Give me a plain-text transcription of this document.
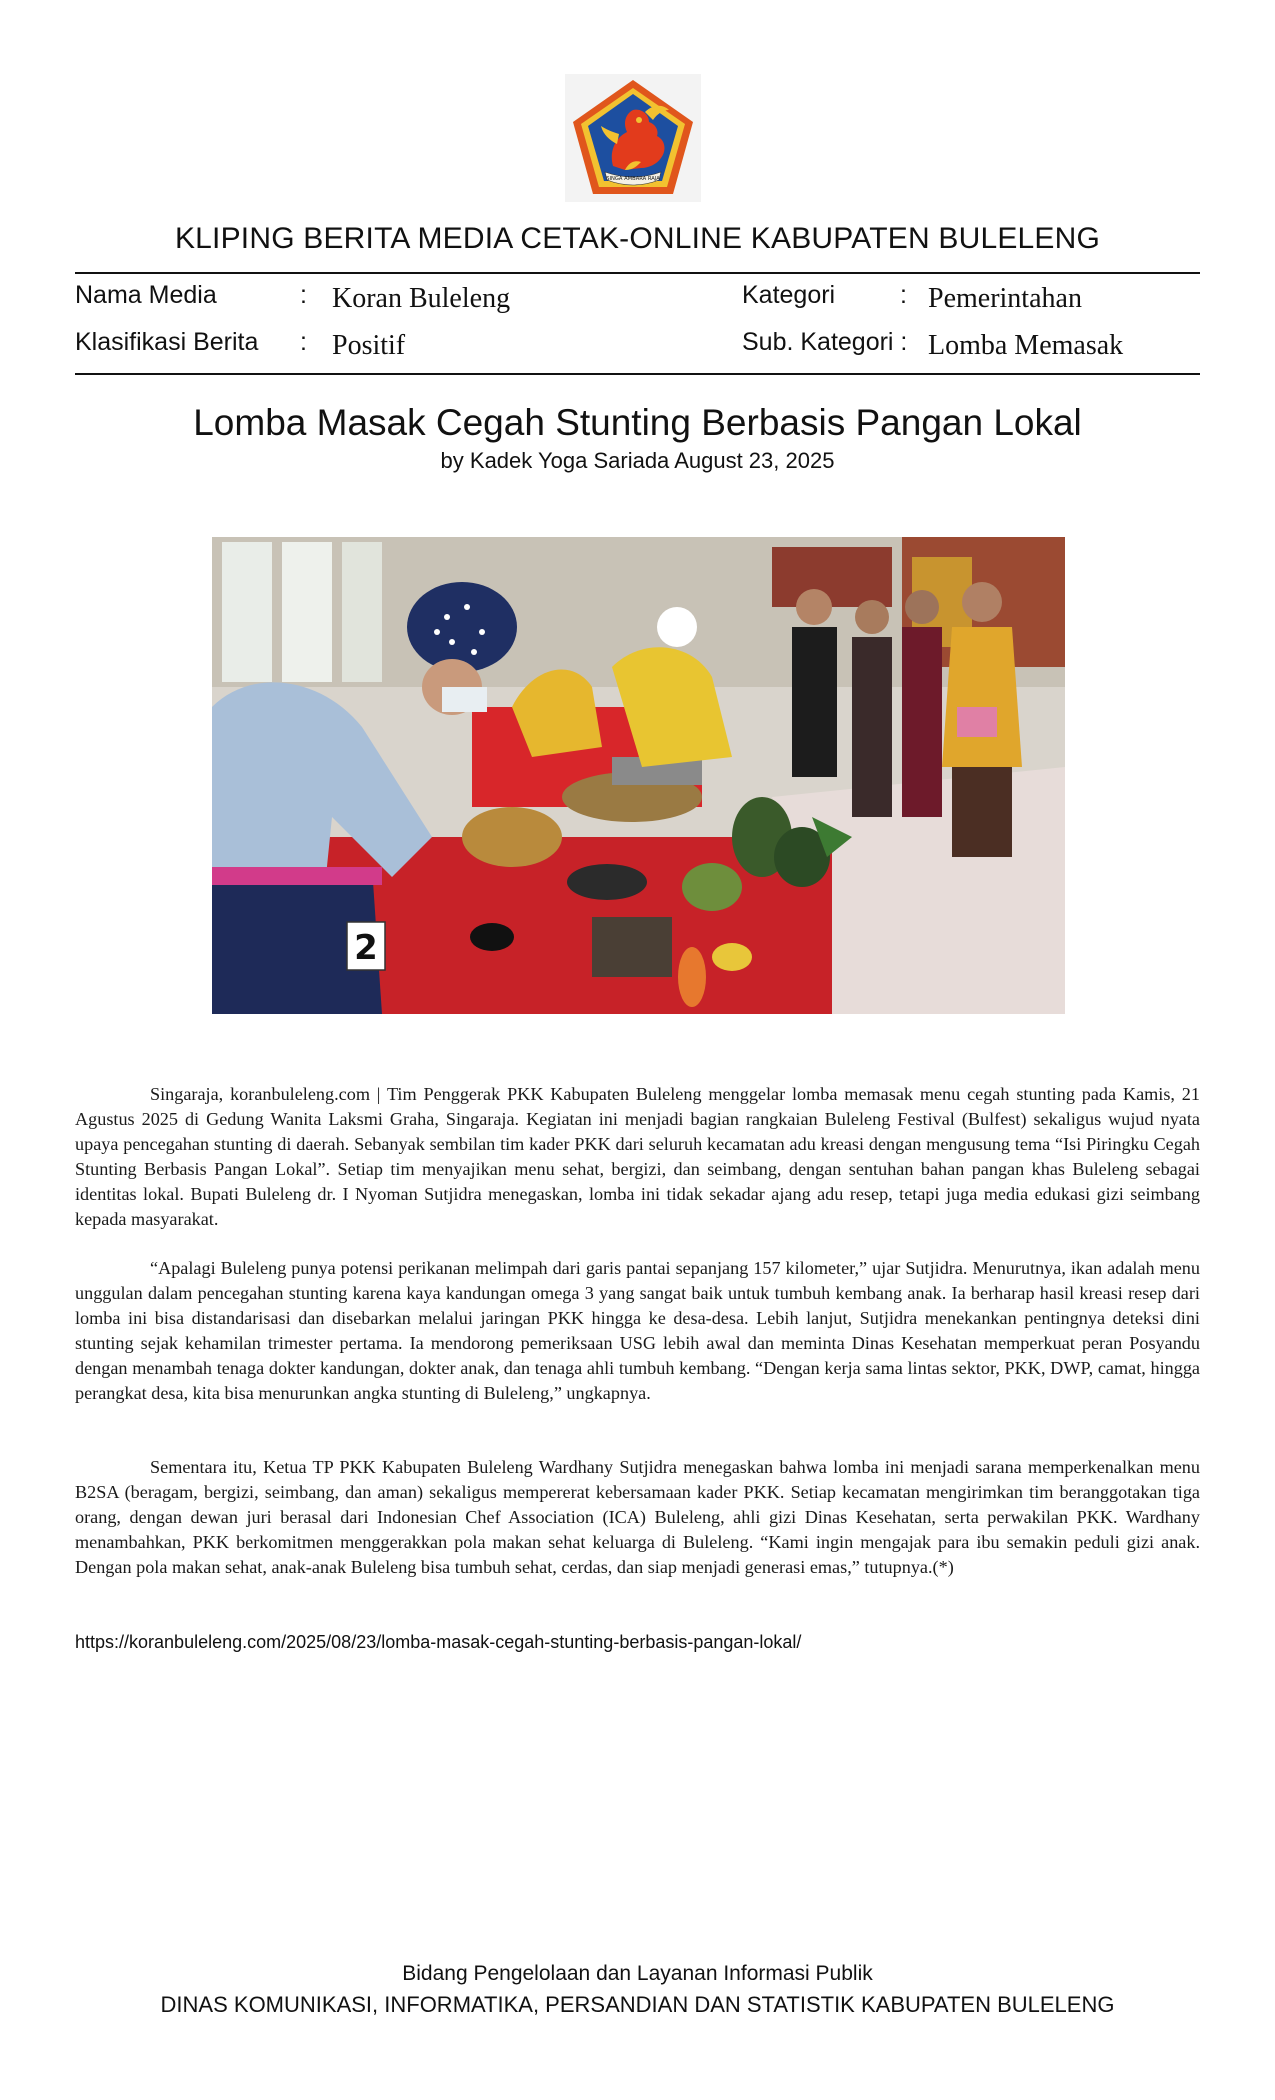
SINGA AMBARA RAJA
KLIPING BERITA MEDIA CETAK-ONLINE KABUPATEN BULELENG
Nama Media	: Koran Buleleng	Kategori	: Pemerintahan
Klasifikasi Berita : Positif	Sub. Kategori : Lomba Memasak
Lomba Masak Cegah Stunting Berbasis Pangan Lokal
by Kadek Yoga Sariada August 23, 2025
2

Singaraja, koranbuleleng.com | Tim Penggerak PKK Kabupaten Buleleng menggelar lomba memasak menu cegah stunting pada Kamis, 21 Agustus 2025 di Gedung Wanita Laksmi Graha, Singaraja. Kegiatan ini menjadi bagian rangkaian Buleleng Festival (Bulfest) sekaligus wujud nyata upaya pencegahan stunting di daerah. Sebanyak sembilan tim kader PKK dari seluruh kecamatan adu kreasi dengan mengusung tema “Isi Piringku Cegah Stunting Berbasis Pangan Lokal”. Setiap tim menyajikan menu sehat, bergizi, dan seimbang, dengan sentuhan bahan pangan khas Buleleng sebagai identitas lokal. Bupati Buleleng dr. I Nyoman Sutjidra menegaskan, lomba ini tidak sekadar ajang adu resep, tetapi juga media edukasi gizi seimbang kepada masyarakat.

“Apalagi Buleleng punya potensi perikanan melimpah dari garis pantai sepanjang 157 kilometer,” ujar Sutjidra. Menurutnya, ikan adalah menu unggulan dalam pencegahan stunting karena kaya kandungan omega 3 yang sangat baik untuk tumbuh kembang anak. Ia berharap hasil kreasi resep dari lomba ini bisa distandarisasi dan disebarkan melalui jaringan PKK hingga ke desa-desa. Lebih lanjut, Sutjidra menekankan pentingnya deteksi dini stunting sejak kehamilan trimester pertama. Ia mendorong pemeriksaan USG lebih awal dan meminta Dinas Kesehatan memperkuat peran Posyandu dengan menambah tenaga dokter kandungan, dokter anak, dan tenaga ahli tumbuh kembang. “Dengan kerja sama lintas sektor, PKK, DWP, camat, hingga perangkat desa, kita bisa menurunkan angka stunting di Buleleng,” ungkapnya.

Sementara itu, Ketua TP PKK Kabupaten Buleleng Wardhany Sutjidra menegaskan bahwa lomba ini menjadi sarana memperkenalkan menu B2SA (beragam, bergizi, seimbang, dan aman) sekaligus mempererat kebersamaan kader PKK. Setiap kecamatan mengirimkan tim beranggotakan tiga orang, dengan dewan juri berasal dari Indonesian Chef Association (ICA) Buleleng, ahli gizi Dinas Kesehatan, serta perwakilan PKK. Wardhany menambahkan, PKK berkomitmen menggerakkan pola makan sehat keluarga di Buleleng. “Kami ingin mengajak para ibu semakin peduli gizi anak. Dengan pola makan sehat, anak-anak Buleleng bisa tumbuh sehat, cerdas, dan siap menjadi generasi emas,” tutupnya.(*)

https://koranbuleleng.com/2025/08/23/lomba-masak-cegah-stunting-berbasis-pangan-lokal/
Bidang Pengelolaan dan Layanan Informasi Publik
DINAS KOMUNIKASI, INFORMATIKA, PERSANDIAN DAN STATISTIK KABUPATEN BULELENG
